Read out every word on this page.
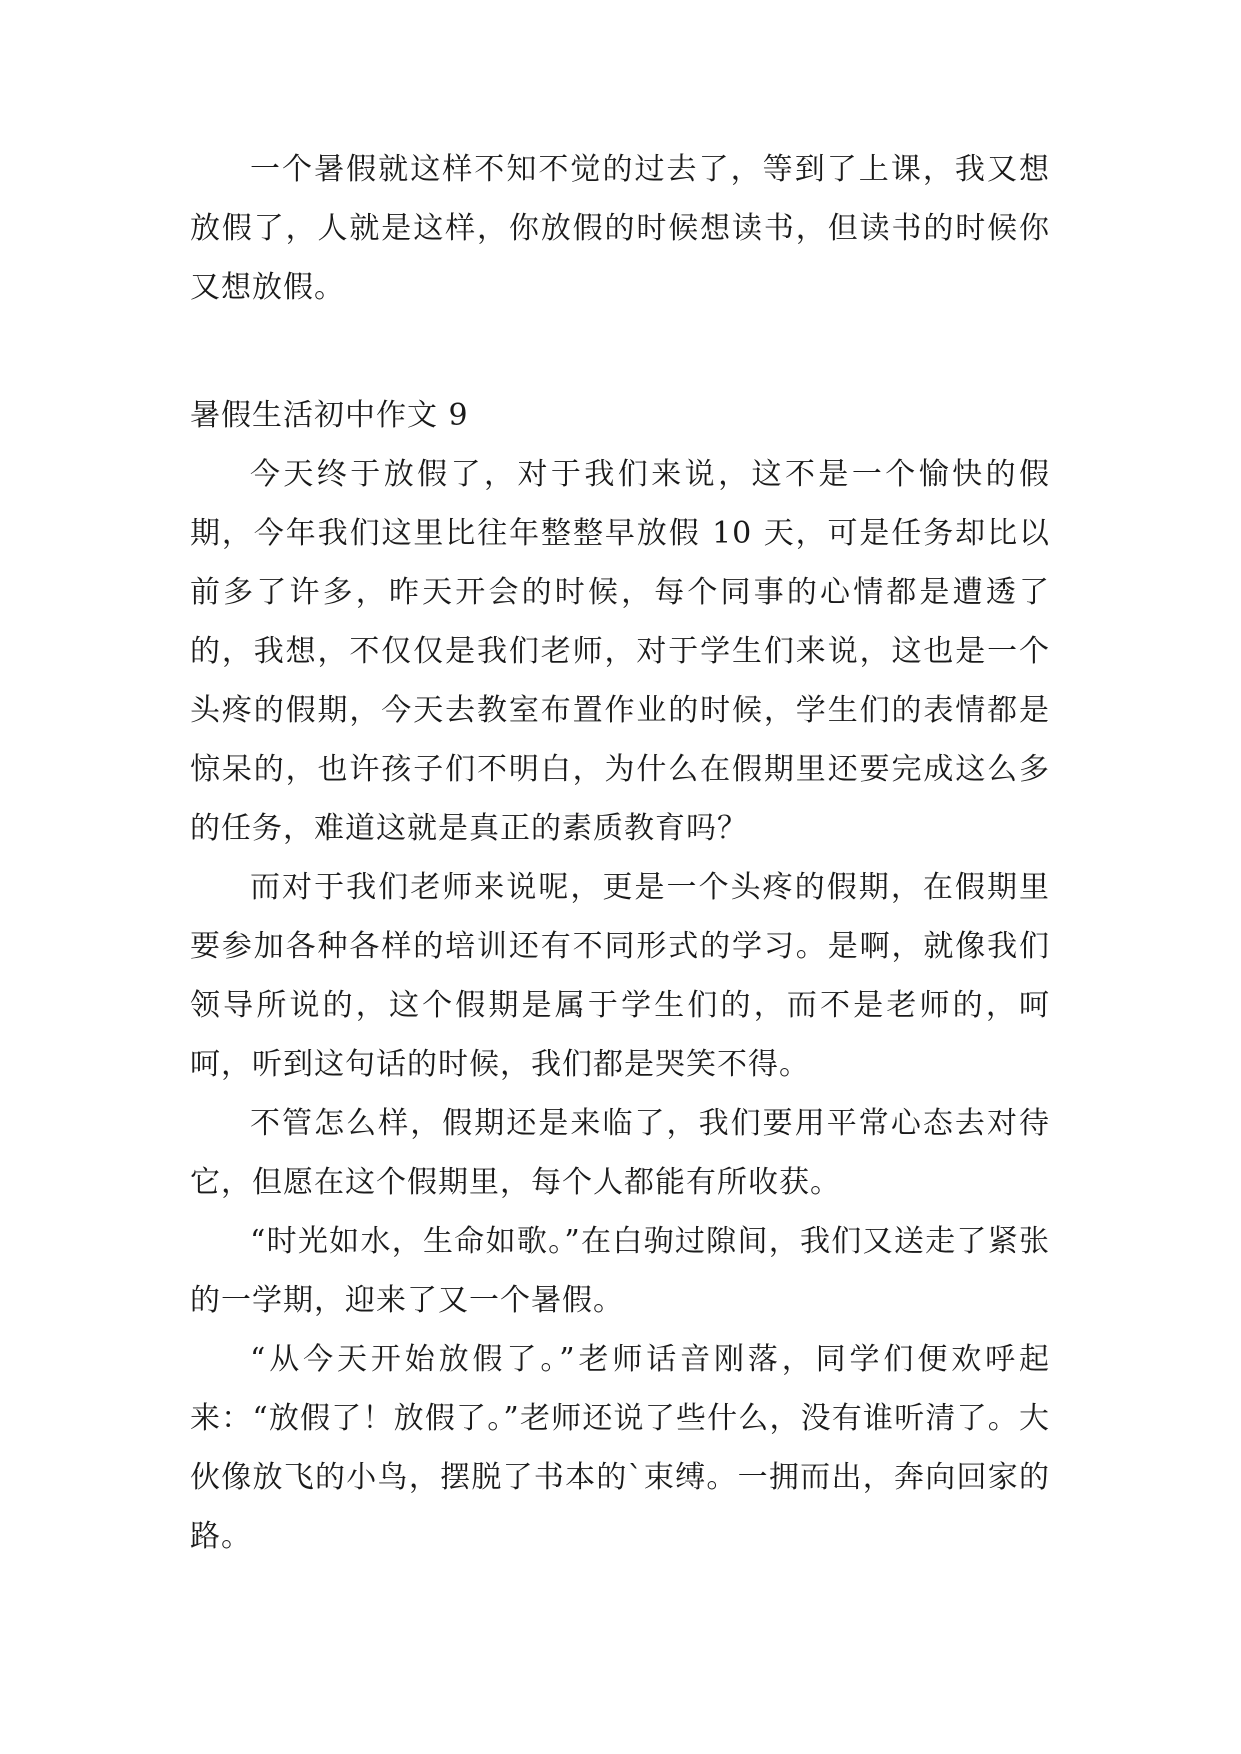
一个暑假就这样不知不觉的过去了，等到了上课，我又想放假了，人就是这样，你放假的时候想读书，但读书的时候你又想放假。

暑假生活初中作文 9

今天终于放假了，对于我们来说，这不是一个愉快的假期，今年我们这里比往年整整早放假 10 天，可是任务却比以前多了许多，昨天开会的时候，每个同事的心情都是遭透了的，我想，不仅仅是我们老师，对于学生们来说，这也是一个头疼的假期，今天去教室布置作业的时候，学生们的表情都是惊呆的，也许孩子们不明白，为什么在假期里还要完成这么多的任务，难道这就是真正的素质教育吗？

而对于我们老师来说呢，更是一个头疼的假期，在假期里要参加各种各样的培训还有不同形式的学习。是啊，就像我们领导所说的，这个假期是属于学生们的，而不是老师的，呵呵，听到这句话的时候，我们都是哭笑不得。

不管怎么样，假期还是来临了，我们要用平常心态去对待它，但愿在这个假期里，每个人都能有所收获。

“时光如水，生命如歌。”在白驹过隙间，我们又送走了紧张的一学期，迎来了又一个暑假。

“从今天开始放假了。”老师话音刚落，同学们便欢呼起来：“放假了！放假了。”老师还说了些什么，没有谁听清了。大伙像放飞的小鸟，摆脱了书本的`束缚。一拥而出，奔向回家的路。
